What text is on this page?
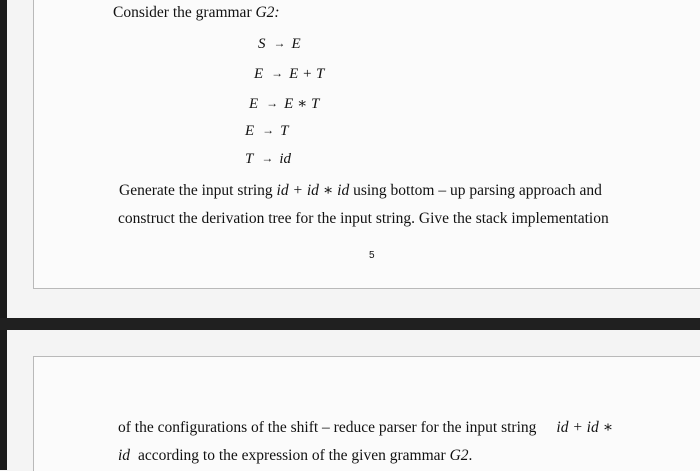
Consider the grammar G2:
S → E
E → E + T
E → E ∗ T
E → T
T → id
Generate the input string id + id ∗ id using bottom – up parsing approach and
construct the derivation tree for the input string. Give the stack implementation
5
of the configurations of the shift – reduce parser for the input string id + id ∗
id according to the expression of the given grammar G2.
